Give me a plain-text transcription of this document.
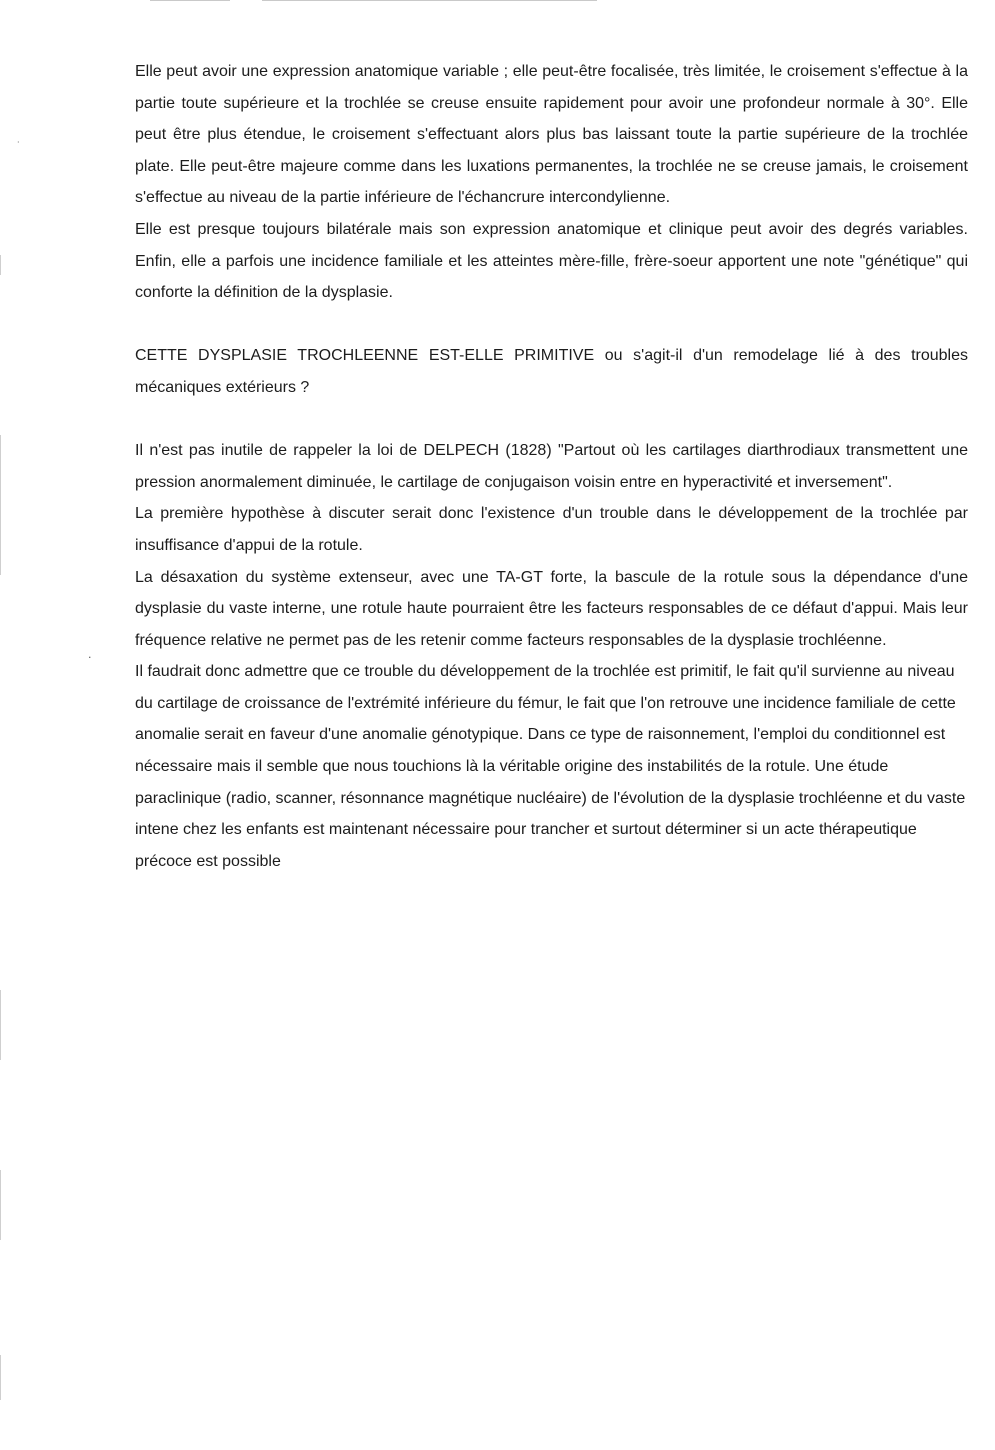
·
·

Elle peut avoir une expression anatomique variable ; elle peut-être focalisée, très limitée, le croisement s'effectue à la partie toute supérieure et la trochlée se creuse ensuite rapidement pour avoir une profondeur normale à 30°. Elle peut être plus étendue, le croisement s'effectuant alors plus bas laissant toute la partie supérieure de la trochlée plate. Elle peut-être majeure comme dans les luxations permanentes, la trochlée ne se creuse jamais, le croisement s'effectue au niveau de la partie inférieure de l'échancrure intercondylienne.

Elle est presque toujours bilatérale mais son expression anatomique et clinique peut avoir des degrés variables. Enfin, elle a parfois une incidence familiale et les atteintes mère-fille, frère-soeur apportent une note "génétique" qui conforte la définition de la dysplasie.

CETTE DYSPLASIE TROCHLEENNE EST-ELLE PRIMITIVE ou s'agit-il d'un remodelage lié à des troubles mécaniques extérieurs ?

Il n'est pas inutile de rappeler la loi de DELPECH (1828) "Partout où les cartilages diarthrodiaux transmettent une pression anormalement diminuée, le cartilage de conjugaison voisin entre en hyperactivité et inversement".

La première hypothèse à discuter serait donc l'existence d'un trouble dans le développement de la trochlée par insuffisance d'appui de la rotule.

La désaxation du système extenseur, avec une TA-GT forte, la bascule de la rotule sous la dépendance d'une dysplasie du vaste interne, une rotule haute pourraient être les facteurs responsables de ce défaut d'appui. Mais leur fréquence relative ne permet pas de les retenir comme facteurs responsables de la dysplasie trochléenne.

Il faudrait donc admettre que ce trouble du développement de la trochlée est primitif, le fait qu'il survienne au niveau du cartilage de croissance de l'extrémité inférieure du fémur, le fait que l'on retrouve une incidence familiale de cette anomalie serait en faveur d'une anomalie génotypique. Dans ce type de raisonnement, l'emploi du conditionnel est nécessaire mais il semble que nous touchions là la véritable origine des instabilités de la rotule. Une étude paraclinique (radio, scanner, résonnance magnétique nucléaire) de l'évolution de la dysplasie trochléenne et du vaste intene chez les enfants est maintenant nécessaire pour trancher et surtout déterminer si un acte thérapeutique précoce est possible
